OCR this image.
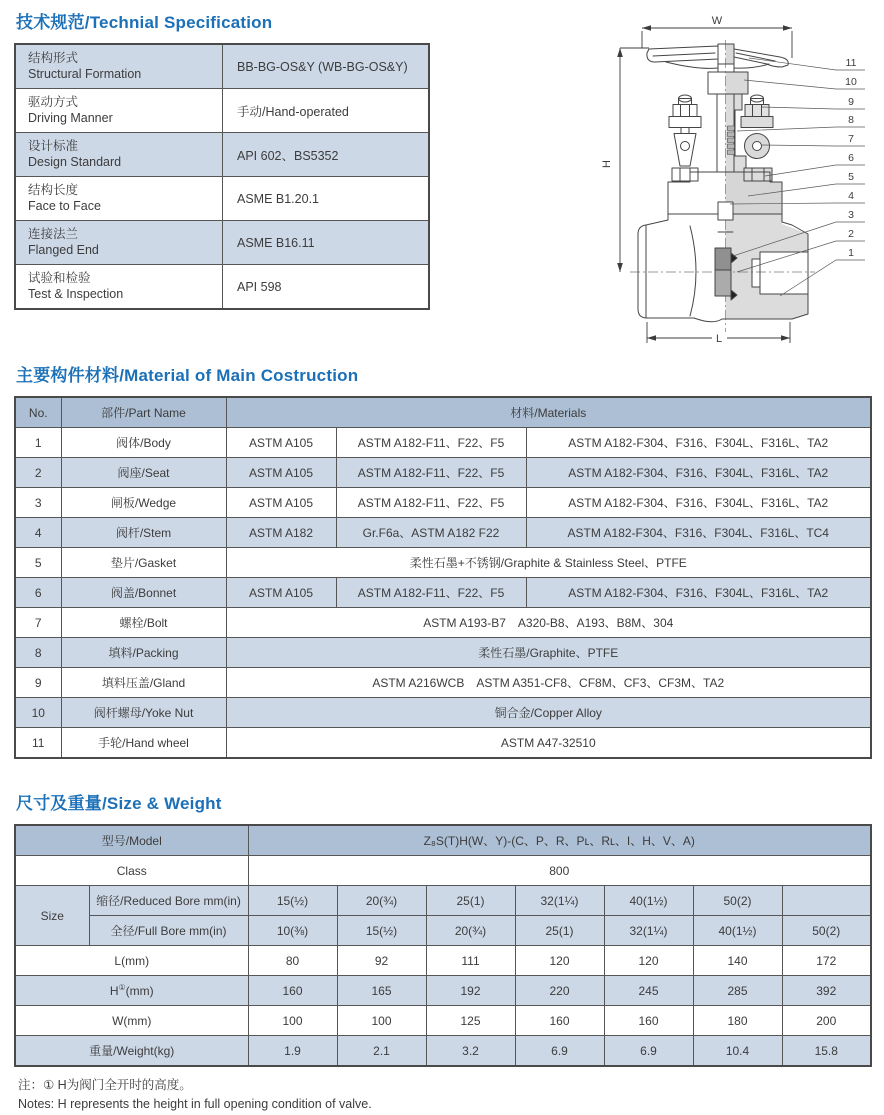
技术规范/Technial Specification
结构形式
Structural Formation	BB-BG-OS&Y (WB-BG-OS&Y)

驱动方式
Driving Manner	手动/Hand-operated

设计标准
Design Standard	API 602、BS5352

结构长度
Face to Face	ASME B1.20.1

连接法兰
Flanged End	ASME B16.11

试验和检验
Test & Inspection	API 598
W
H
L
11
10
9
8
7
6
5
4
3
2
1
主要构件材料/Material of Main Costruction
No.	部件/Part Name	材料/Materials		
1	阀体/Body	ASTM A105	ASTM A182-F11、F22、F5	ASTM A182-F304、F316、F304L、F316L、TA2
2	阀座/Seat	ASTM A105	ASTM A182-F11、F22、F5	ASTM A182-F304、F316、F304L、F316L、TA2
3	闸板/Wedge	ASTM A105	ASTM A182-F11、F22、F5	ASTM A182-F304、F316、F304L、F316L、TA2
4	阀杆/Stem	ASTM A182	Gr.F6a、ASTM A182 F22	ASTM A182-F304、F316、F304L、F316L、TC4
5	垫片/Gasket	柔性石墨+不锈钢/Graphite & Stainless Steel、PTFE		
6	阀盖/Bonnet	ASTM A105	ASTM A182-F11、F22、F5	ASTM A182-F304、F316、F304L、F316L、TA2
7	螺栓/Bolt	ASTM A193-B7　A320-B8、A193、B8M、304		
8	填料/Packing	柔性石墨/Graphite、PTFE		
9	填料压盖/Gland	ASTM A216WCB　ASTM A351-CF8、CF8M、CF3、CF3M、TA2		
10	阀杆螺母/Yoke Nut	铜合金/Copper Alloy		
11	手轮/Hand wheel	ASTM A47-32510		
尺寸及重量/Size & Weight
型号/Model		Z₈S(T)H(W、Y)-(C、P、R、Pʟ、Rʟ、I、H、V、A)						
Class		800						
Size	缩径/Reduced Bore mm(in)	15(½)	20(¾)	25(1)	32(1¼)	40(1½)	50(2)	
	全径/Full Bore mm(in)	10(⅜)	15(½)	20(¾)	25(1)	32(1¼)	40(1½)	50(2)
L(mm)		80	92	111	120	120	140	172
H①(mm)		160	165	192	220	245	285	392
W(mm)		100	100	125	160	160	180	200
重量/Weight(kg)		1.9	2.1	3.2	6.9	6.9	10.4	15.8
注：① H为阀门全开时的高度。
Notes: H represents the height in full opening condition of valve.
